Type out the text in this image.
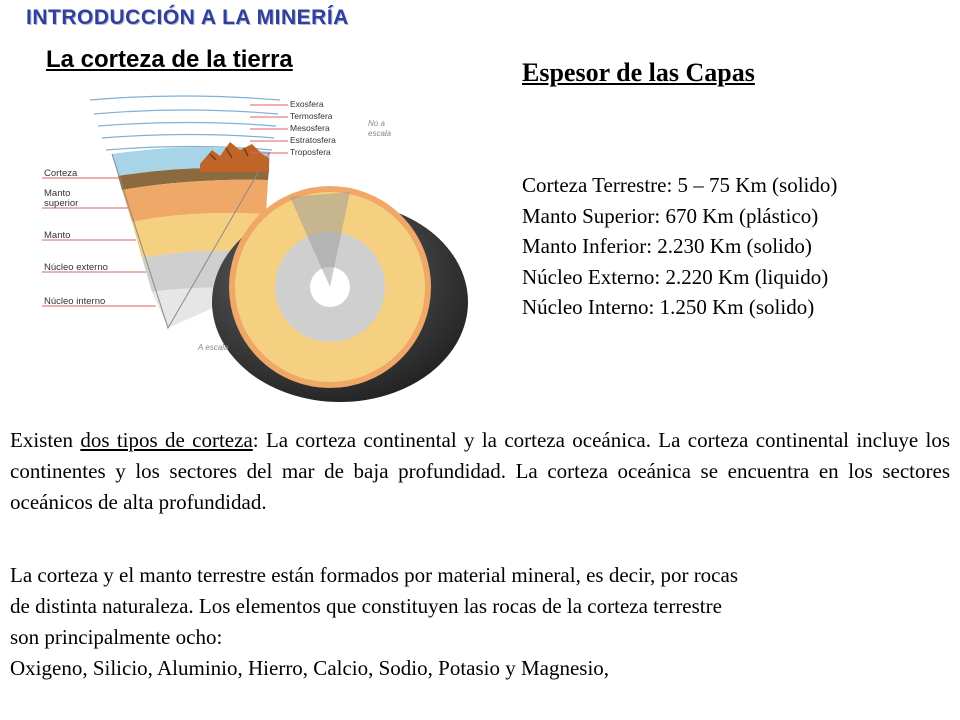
INTRODUCCIÓN A LA MINERÍA
La corteza de la tierra	Espesor de las Capas
Corteza Terrestre: 5 – 75 Km (solido)
Manto Superior: 670 Km (plástico)
Manto Inferior: 2.230 Km (solido)
Núcleo Externo: 2.220 Km (liquido)
Núcleo Interno: 1.250 Km (solido)
Exosfera
Termosfera
Mesosfera
Estratosfera
Troposfera
No a
escala
A escala
Corteza
Manto
superior
Manto
Núcleo externo
Núcleo interno
Existen dos tipos de corteza: La corteza continental y la corteza oceánica. La corteza continental incluye los continentes y los sectores del mar de baja profundidad. La corteza oceánica se encuentra en los sectores oceánicos de alta profundidad.
La corteza y el manto terrestre están formados por material mineral, es decir, por rocas
de distinta naturaleza. Los elementos que constituyen las rocas de la corteza terrestre
son principalmente ocho:
Oxigeno, Silicio, Aluminio, Hierro, Calcio, Sodio, Potasio y Magnesio,
